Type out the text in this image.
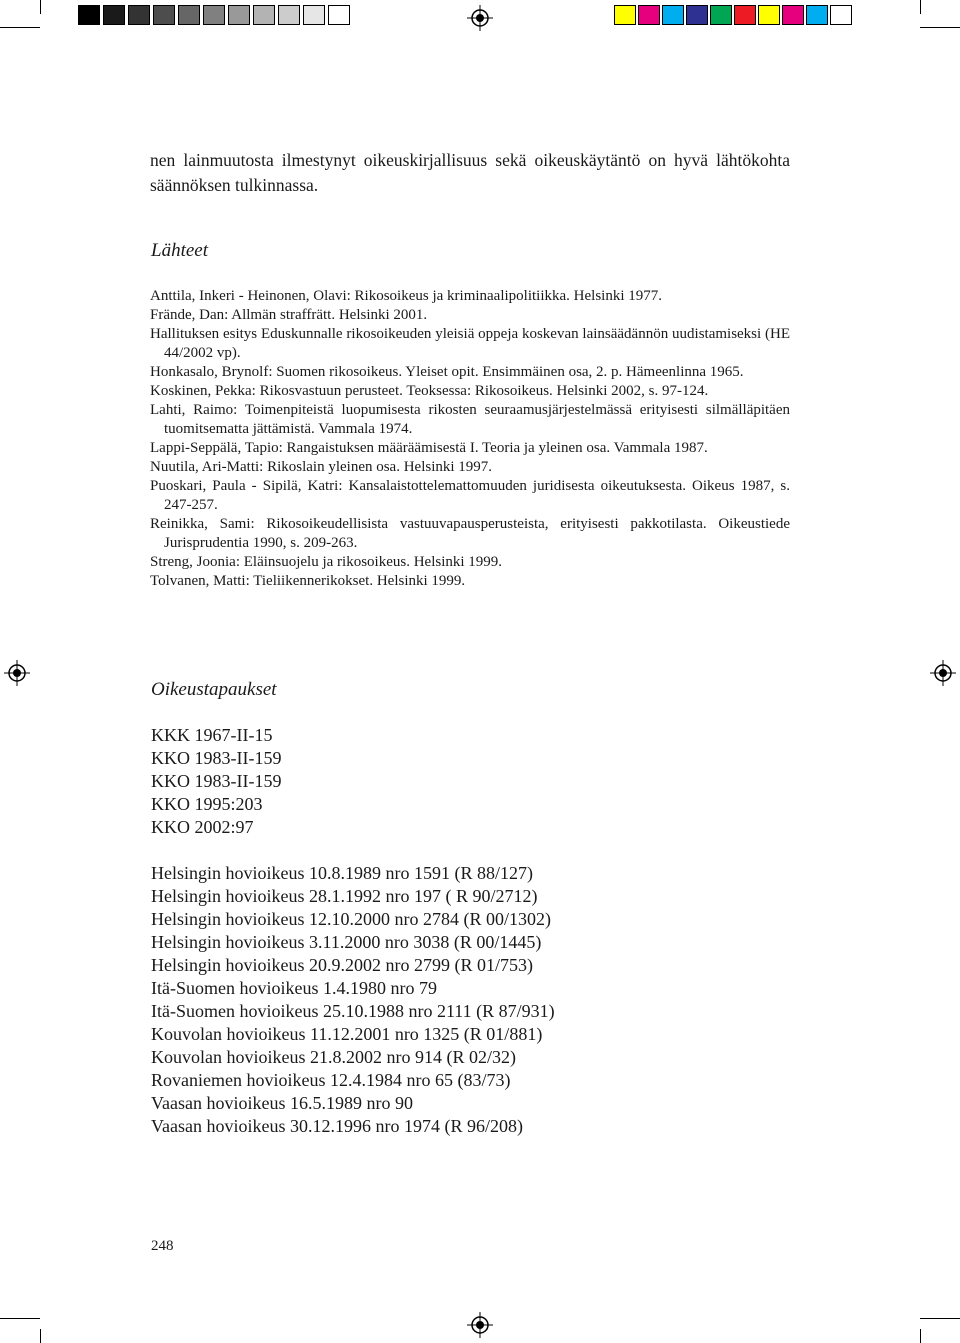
nen lainmuutosta ilmestynyt oikeuskirjallisuus sekä oikeuskäytäntö on hyvä lähtökohta säännöksen tulkinnassa.
Lähteet

Anttila, Inkeri - Heinonen, Olavi: Rikosoikeus ja kriminaalipolitiikka. Helsinki 1977.

Frände, Dan: Allmän straffrätt. Helsinki 2001.

Hallituksen esitys Eduskunnalle rikosoikeuden yleisiä oppeja koskevan lainsäädännön uudistamiseksi (HE 44/2002 vp).

Honkasalo, Brynolf: Suomen rikosoikeus. Yleiset opit. Ensimmäinen osa, 2. p. Hämeenlinna 1965.

Koskinen, Pekka: Rikosvastuun perusteet. Teoksessa: Rikosoikeus. Helsinki 2002, s. 97-124.

Lahti, Raimo: Toimenpiteistä luopumisesta rikosten seuraamusjärjestelmässä erityisesti silmälläpitäen tuomitsematta jättämistä. Vammala 1974.

Lappi-Seppälä, Tapio: Rangaistuksen määräämisestä I. Teoria ja yleinen osa. Vammala 1987.

Nuutila, Ari-Matti: Rikoslain yleinen osa. Helsinki 1997.

Puoskari, Paula - Sipilä, Katri: Kansalaistottelemattomuuden juridisesta oikeutuksesta. Oikeus 1987, s. 247-257.

Reinikka, Sami: Rikosoikeudellisista vastuuvapausperusteista, erityisesti pakkotilasta. Oikeustiede Jurisprudentia 1990, s. 209-263.

Streng, Joonia: Eläinsuojelu ja rikosoikeus. Helsinki 1999.

Tolvanen, Matti: Tieliikennerikokset. Helsinki 1999.

Oikeustapaukset
KKK 1967-II-15
KKO 1983-II-159
KKO 1983-II-159
KKO 1995:203
KKO 2002:97
Helsingin hovioikeus 10.8.1989 nro 1591 (R 88/127)
Helsingin hovioikeus 28.1.1992 nro 197 ( R 90/2712)
Helsingin hovioikeus 12.10.2000 nro 2784 (R 00/1302)
Helsingin hovioikeus 3.11.2000 nro 3038 (R 00/1445)
Helsingin hovioikeus 20.9.2002 nro 2799 (R 01/753)
Itä-Suomen hovioikeus 1.4.1980 nro 79
Itä-Suomen hovioikeus 25.10.1988 nro 2111 (R 87/931)
Kouvolan hovioikeus 11.12.2001 nro 1325 (R 01/881)
Kouvolan hovioikeus 21.8.2002 nro 914 (R 02/32)
Rovaniemen hovioikeus 12.4.1984 nro 65 (83/73)
Vaasan hovioikeus 16.5.1989 nro 90
Vaasan hovioikeus 30.12.1996 nro 1974 (R 96/208)
248
